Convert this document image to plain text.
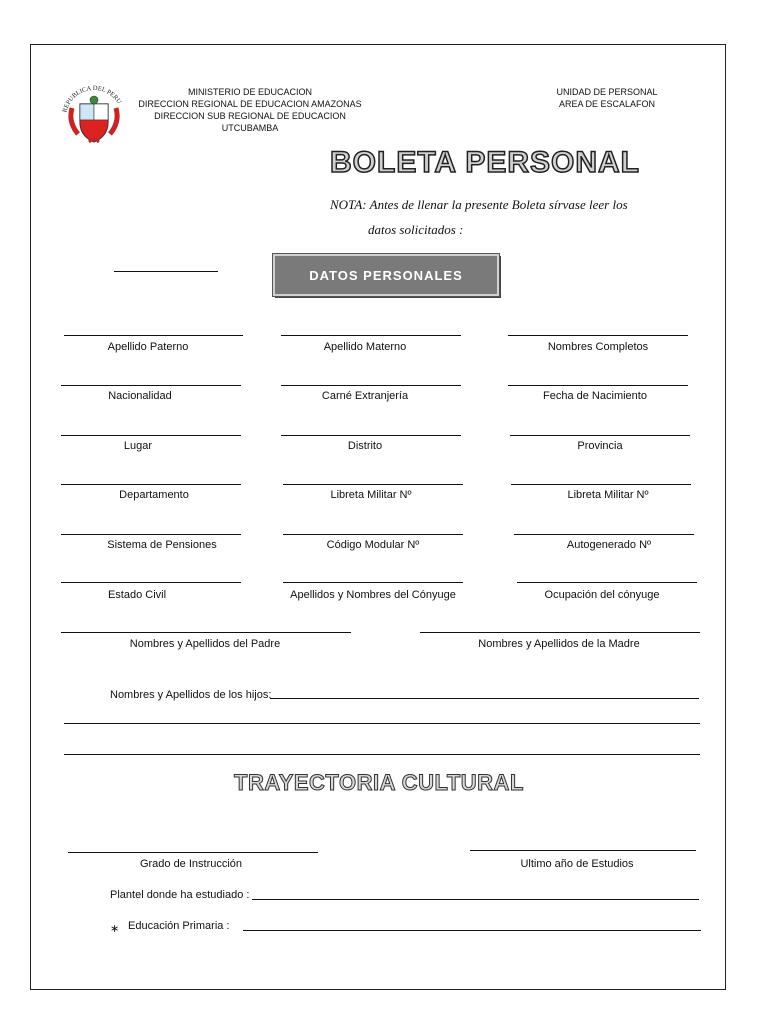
REPUBLICA DEL PERU
MINISTERIO DE EDUCACION
DIRECCION REGIONAL DE EDUCACION AMAZONAS
DIRECCION SUB REGIONAL DE EDUCACION
UTCUBAMBA
UNIDAD DE PERSONAL
AREA DE ESCALAFON
BOLETA PERSONAL
NOTA: Antes de llenar la presente Boleta sírvase leer los
datos solicitados :
DATOS PERSONALES
Apellido Paterno	Apellido Materno	Nombres Completos
Nacionalidad	Carné Extranjería	Fecha de Nacimiento
Lugar	Distrito	Provincia
Departamento	Libreta Militar Nº	Libreta Militar Nº
Sistema de Pensiones	Código Modular Nº	Autogenerado Nº
Estado Civil	Apellidos y Nombres del Cónyuge	Ocupación del cónyuge
Nombres y Apellidos del Padre	Nombres y Apellidos de la Madre
Nombres y Apellidos de los hijos:
TRAYECTORIA CULTURAL
Grado de Instrucción	Ultimo año de Estudios
Plantel donde ha estudiado :
∗ Educación Primaria :
